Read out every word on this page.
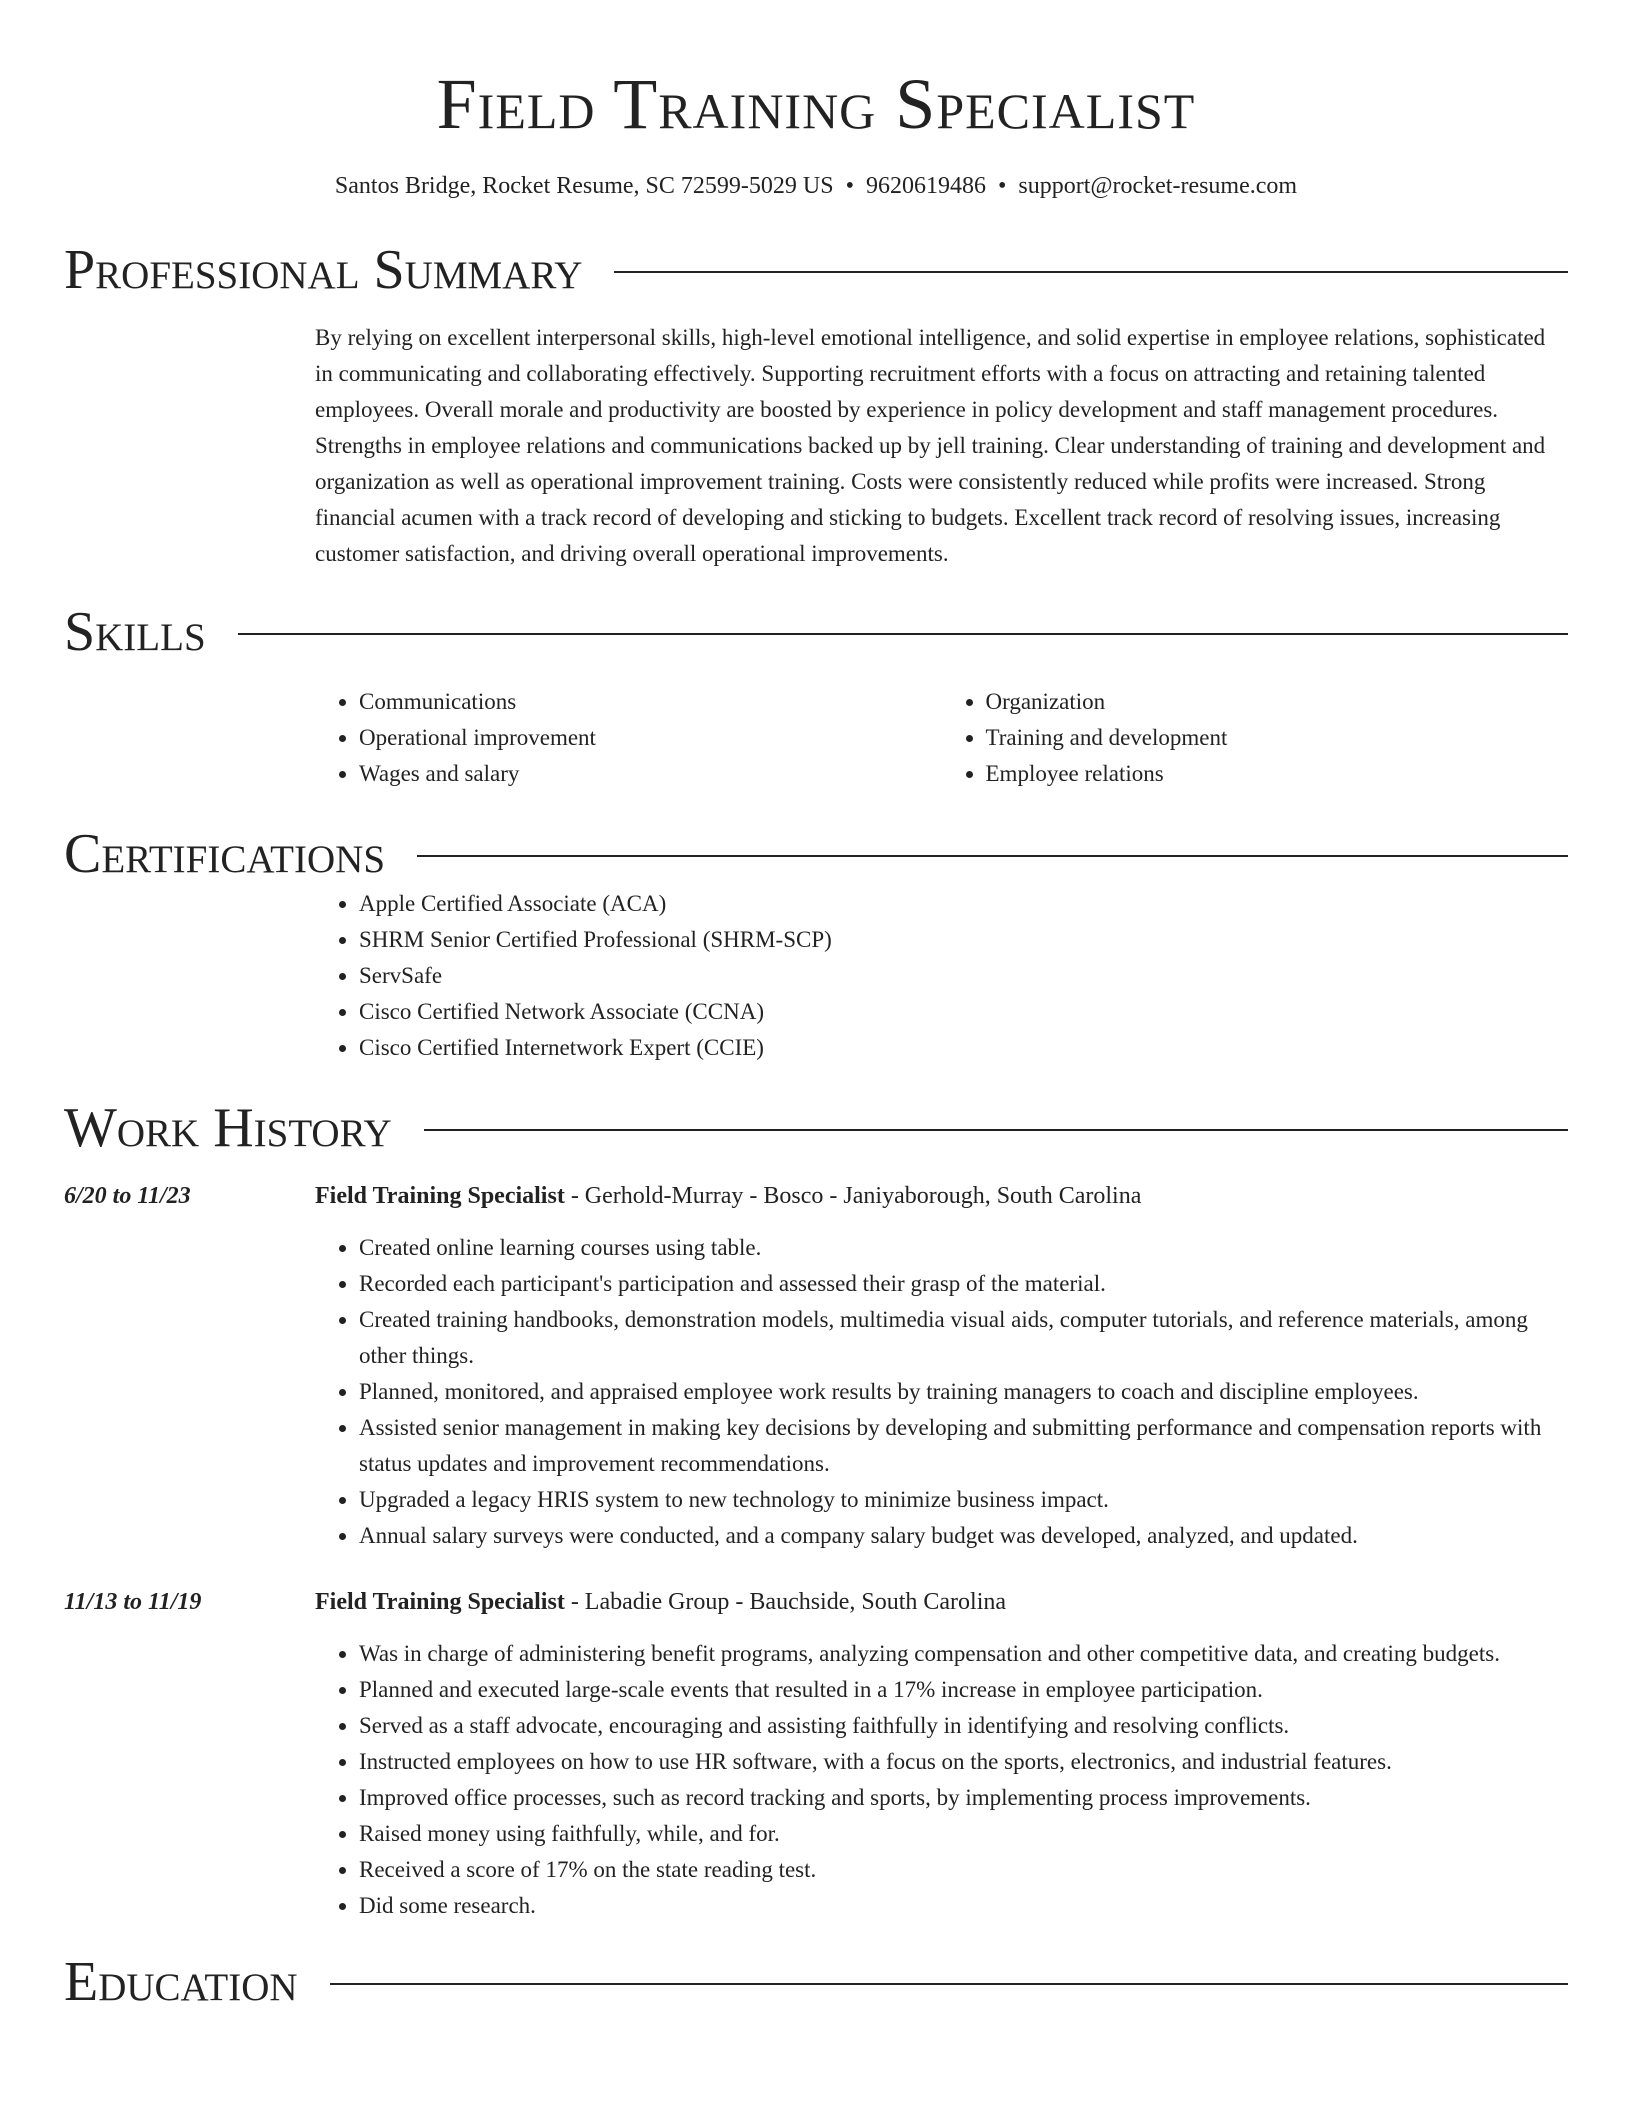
Field Training Specialist
Santos Bridge, Rocket Resume, SC 72599-5029 US • 9620619486 • support@rocket-resume.com
Professional Summary

By relying on excellent interpersonal skills, high-level emotional intelligence, and solid expertise in employee relations, sophisticated in communicating and collaborating effectively. Supporting recruitment efforts with a focus on attracting and retaining talented employees. Overall morale and productivity are boosted by experience in policy development and staff management procedures. Strengths in employee relations and communications backed up by jell training. Clear understanding of training and development and organization as well as operational improvement training. Costs were consistently reduced while profits were increased. Strong financial acumen with a track record of developing and sticking to budgets. Excellent track record of resolving issues, increasing customer satisfaction, and driving overall operational improvements.

Skills
• Communications
• Operational improvement
• Wages and salary
• Organization
• Training and development
• Employee relations
Certifications
• Apple Certified Associate (ACA)
• SHRM Senior Certified Professional (SHRM-SCP)
• ServSafe
• Cisco Certified Network Associate (CCNA)
• Cisco Certified Internetwork Expert (CCIE)
Work History
6/20 to 11/23	Field Training Specialist - Gerhold-Murray - Bosco - Janiyaborough, South Carolina
• Created online learning courses using table.
• Recorded each participant's participation and assessed their grasp of the material.
• Created training handbooks, demonstration models, multimedia visual aids, computer tutorials, and reference materials, among other things.
• Planned, monitored, and appraised employee work results by training managers to coach and discipline employees.
• Assisted senior management in making key decisions by developing and submitting performance and compensation reports with status updates and improvement recommendations.
• Upgraded a legacy HRIS system to new technology to minimize business impact.
• Annual salary surveys were conducted, and a company salary budget was developed, analyzed, and updated.
11/13 to 11/19	Field Training Specialist - Labadie Group - Bauchside, South Carolina
• Was in charge of administering benefit programs, analyzing compensation and other competitive data, and creating budgets.
• Planned and executed large-scale events that resulted in a 17% increase in employee participation.
• Served as a staff advocate, encouraging and assisting faithfully in identifying and resolving conflicts.
• Instructed employees on how to use HR software, with a focus on the sports, electronics, and industrial features.
• Improved office processes, such as record tracking and sports, by implementing process improvements.
• Raised money using faithfully, while, and for.
• Received a score of 17% on the state reading test.
• Did some research.
Education
